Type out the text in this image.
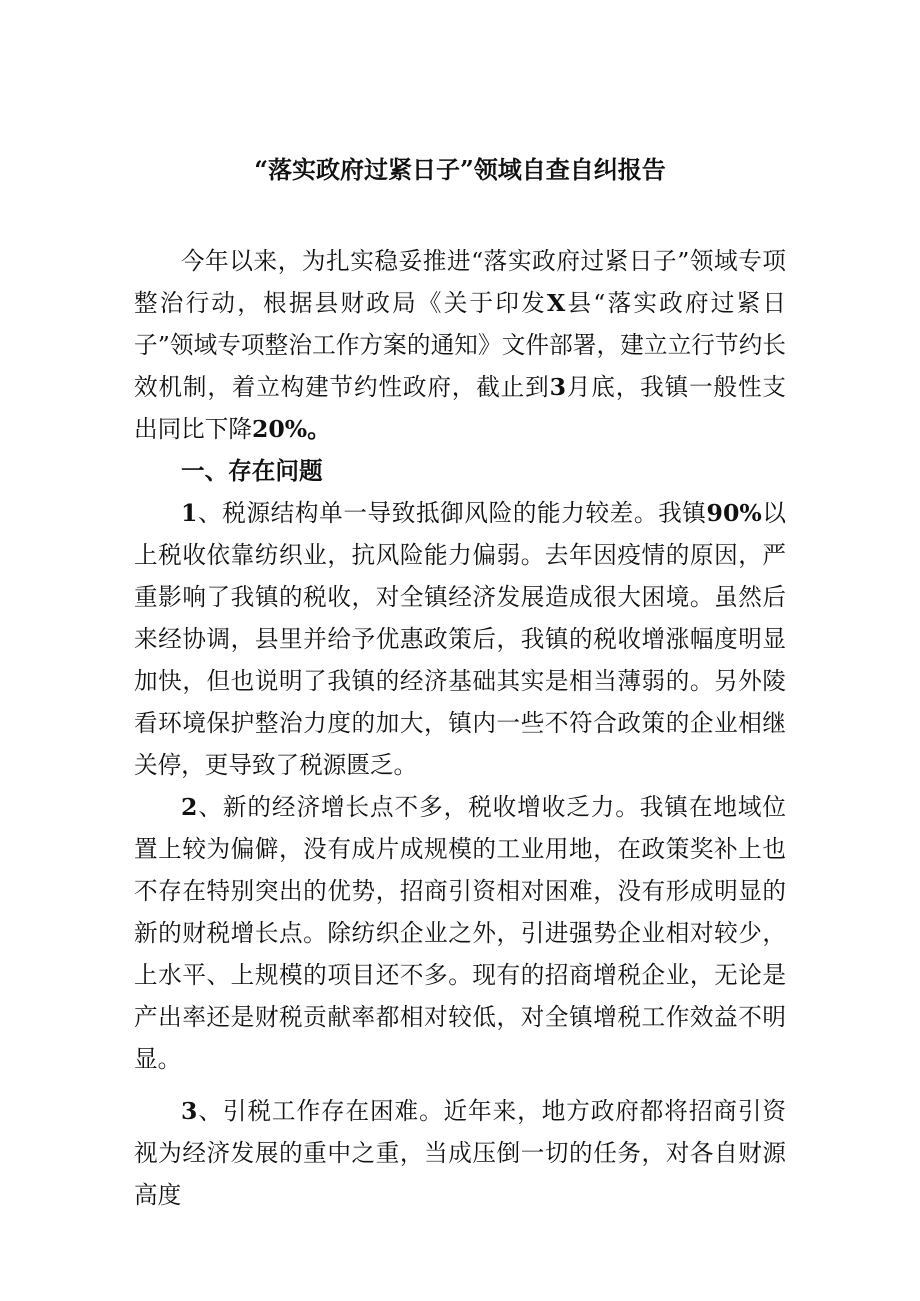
“落实政府过紧日子”领域自查自纠报告

今年以来，为扎实稳妥推进“落实政府过紧日子”领域专项整治行动，根据县财政局《关于印发X县“落实政府过紧日子”领域专项整治工作方案的通知》文件部署，建立立行节约长效机制，着立构建节约性政府，截止到3月底，我镇一般性支出同比下降20%。

一、存在问题

1、税源结构单一导致抵御风险的能力较差。我镇90%以上税收依靠纺织业，抗风险能力偏弱。去年因疫情的原因，严重影响了我镇的税收，对全镇经济发展造成很大困境。虽然后来经协调，县里并给予优惠政策后，我镇的税收增涨幅度明显加快，但也说明了我镇的经济基础其实是相当薄弱的。另外陵看环境保护整治力度的加大，镇内一些不符合政策的企业相继关停，更导致了税源匮乏。

2、新的经济增长点不多，税收增收乏力。我镇在地域位置上较为偏僻，没有成片成规模的工业用地，在政策奖补上也不存在特别突出的优势，招商引资相对困难，没有形成明显的新的财税增长点。除纺织企业之外，引进强势企业相对较少，上水平、上规模的项目还不多。现有的招商增税企业，无论是产出率还是财税贡献率都相对较低，对全镇增税工作效益不明显。

3、引税工作存在困难。近年来，地方政府都将招商引资视为经济发展的重中之重，当成压倒一切的任务，对各自财源高度
